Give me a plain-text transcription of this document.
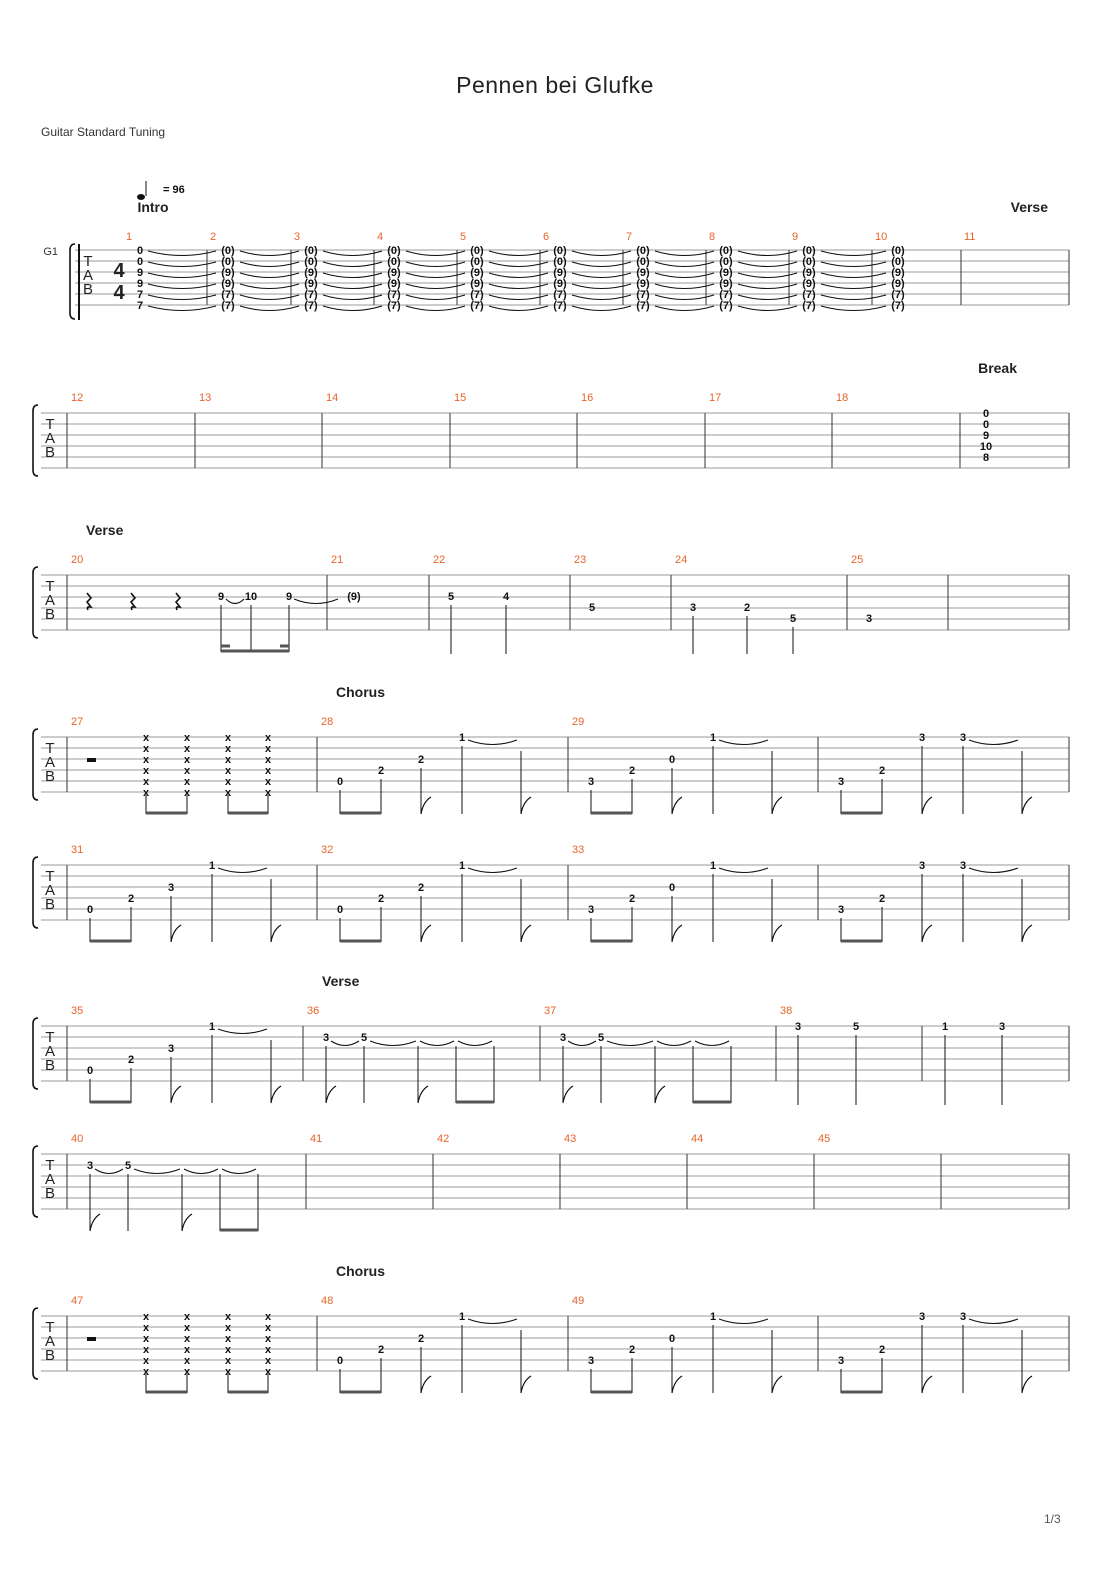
Pennen bei Glufke
Guitar Standard Tuning
1/3
= 96
Intro	Verse
G1
T
A
B
4
4
1	2	3	4	5	6	7	8	9	10	11
0
0
9
9
7
7
(0)
(0)
(9)
(9)
(7)
(7)
(0)
(0)
(9)
(9)
(7)
(7)
(0)
(0)
(9)
(9)
(7)
(7)
(0)
(0)
(9)
(9)
(7)
(7)
(0)
(0)
(9)
(9)
(7)
(7)
(0)
(0)
(9)
(9)
(7)
(7)
(0)
(0)
(9)
(9)
(7)
(7)
(0)
(0)
(9)
(9)
(7)
(7)
(0)
(0)
(9)
(9)
(7)
(7)
T
A
B
12	13	14	15	16	17	18
Break
0
0
9
10
8
T
A
B
20	21	22	23	24	25
Verse
9 10	9	(9)	5	4
5	3	2
5	3
T
A
B
27	28	29
Chorus
x
x
x
x
x
x
x
x
x
x
x
x
x
x
x
x
x
x
x
x
x
x
x
x
0
2
2
1
3
2
0
1
3
2
3	3
T
A
B
31	32	33
0
2
3
1
0
2
2
1
3
2
0
1
3
2
3	3
T
A
B
35	36	37	38
Verse
0
2
3
1
3	5	3	5
3	5	1	3
T
A
B
40	41	42	43	44	45
3	5
T
A
B
47	48	49
Chorus
x
x
x
x
x
x
x
x
x
x
x
x
x
x
x
x
x
x
x
x
x
x
x
x
0
2
2
1
3
2
0
1
3
2
3	3
